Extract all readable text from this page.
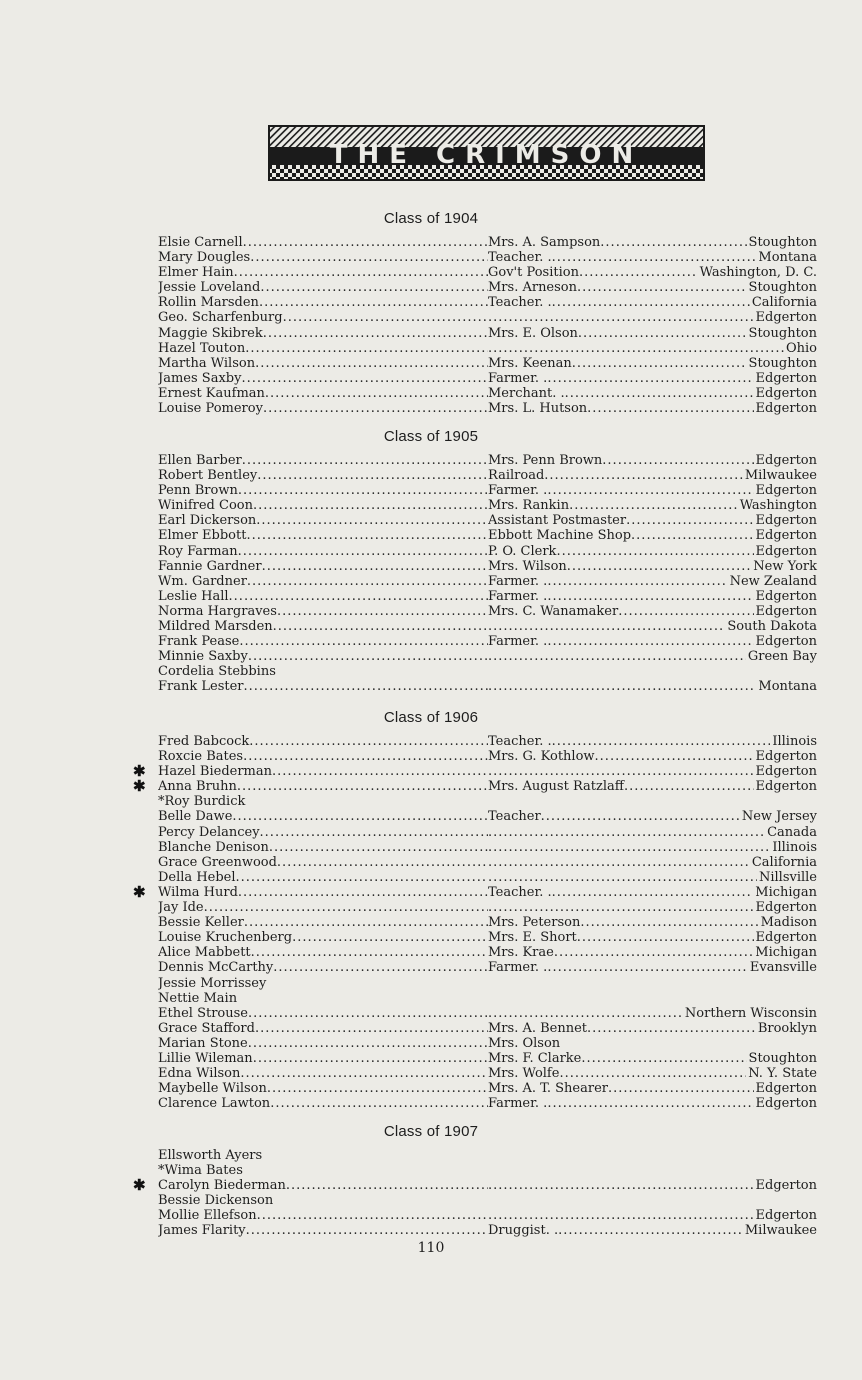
THE CRIMSON
Class of 1904
Elsie Carnell .....	Mrs. A. Sampson .....	Stoughton
Mary Dougles .....	Teacher. . .....	Montana
Elmer Hain .....	Gov't Position .....	Washington, D. C.
Jessie Loveland .....	Mrs. Arneson .....	Stoughton
Rollin Marsden .....	Teacher. . .....	California
Geo. Scharfenburg ..... .....	Edgerton
Maggie Skibrek .....	Mrs. E. Olson .....	Stoughton
Hazel Touton ..... .....	Ohio
Martha Wilson .....	Mrs. Keenan .....	Stoughton
James Saxby .....	Farmer. . .....	Edgerton
Ernest Kaufman .....	Merchant. . .....	Edgerton
Louise Pomeroy .....	Mrs. L. Hutson .....	Edgerton
Class of 1905
Ellen Barber .....	Mrs. Penn Brown .....	Edgerton
Robert Bentley .....	Railroad .....	Milwaukee
Penn Brown .....	Farmer. . .....	Edgerton
Winifred Coon .....	Mrs. Rankin .....	Washington
Earl Dickerson .....	Assistant Postmaster .....	Edgerton
Elmer Ebbott .....	Ebbott Machine Shop .....	Edgerton
Roy Farman .....	P. O. Clerk .....	Edgerton
Fannie Gardner .....	Mrs. Wilson .....	New York
Wm. Gardner .....	Farmer. . .....	New Zealand
Leslie Hall .....	Farmer. . .....	Edgerton
Norma Hargraves .....	Mrs. C. Wanamaker .....	Edgerton
Mildred Marsden ..... .....	South Dakota
Frank Pease .....	Farmer. . .....	Edgerton
Minnie Saxby ..... .....	Green Bay
Cordelia Stebbins
Frank Lester ..... .....	Montana
Class of 1906
Fred Babcock .....	Teacher. . .....	Illinois
Roxcie Bates .....	Mrs. G. Kothlow .....	Edgerton
✱ Hazel Biederman ..... .....	Edgerton
✱ Anna Bruhn .....	Mrs. August Ratzlaff .....	Edgerton
*Roy Burdick
Belle Dawe .....	Teacher .....	New Jersey
Percy Delancey ..... .....	Canada
Blanche Denison ..... .....	Illinois
Grace Greenwood ..... .....	California
Della Hebel ..... .....	Nillsville
✱ Wilma Hurd .....	Teacher. . .....	Michigan
Jay Ide ..... .....	Edgerton
Bessie Keller .....	Mrs. Peterson .....	Madison
Louise Kruchenberg .....	Mrs. E. Short .....	Edgerton
Alice Mabbett .....	Mrs. Krae .....	Michigan
Dennis McCarthy .....	Farmer. . .....	Evansville
Jessie Morrissey
Nettie Main
Ethel Strouse ..... .....	Northern Wisconsin
Grace Stafford .....	Mrs. A. Bennet .....	Brooklyn
Marian Stone .....	Mrs. Olson
Lillie Wileman .....	Mrs. F. Clarke .....	Stoughton
Edna Wilson .....	Mrs. Wolfe .....	N. Y. State
Maybelle Wilson .....	Mrs. A. T. Shearer .....	Edgerton
Clarence Lawton .....	Farmer. . .....	Edgerton
Class of 1907
Ellsworth Ayers
*Wima Bates
✱ Carolyn Biederman ..... .....	Edgerton
Bessie Dickenson
Mollie Ellefson ..... .....	Edgerton
James Flarity .....	Druggist. . .....	Milwaukee
110
